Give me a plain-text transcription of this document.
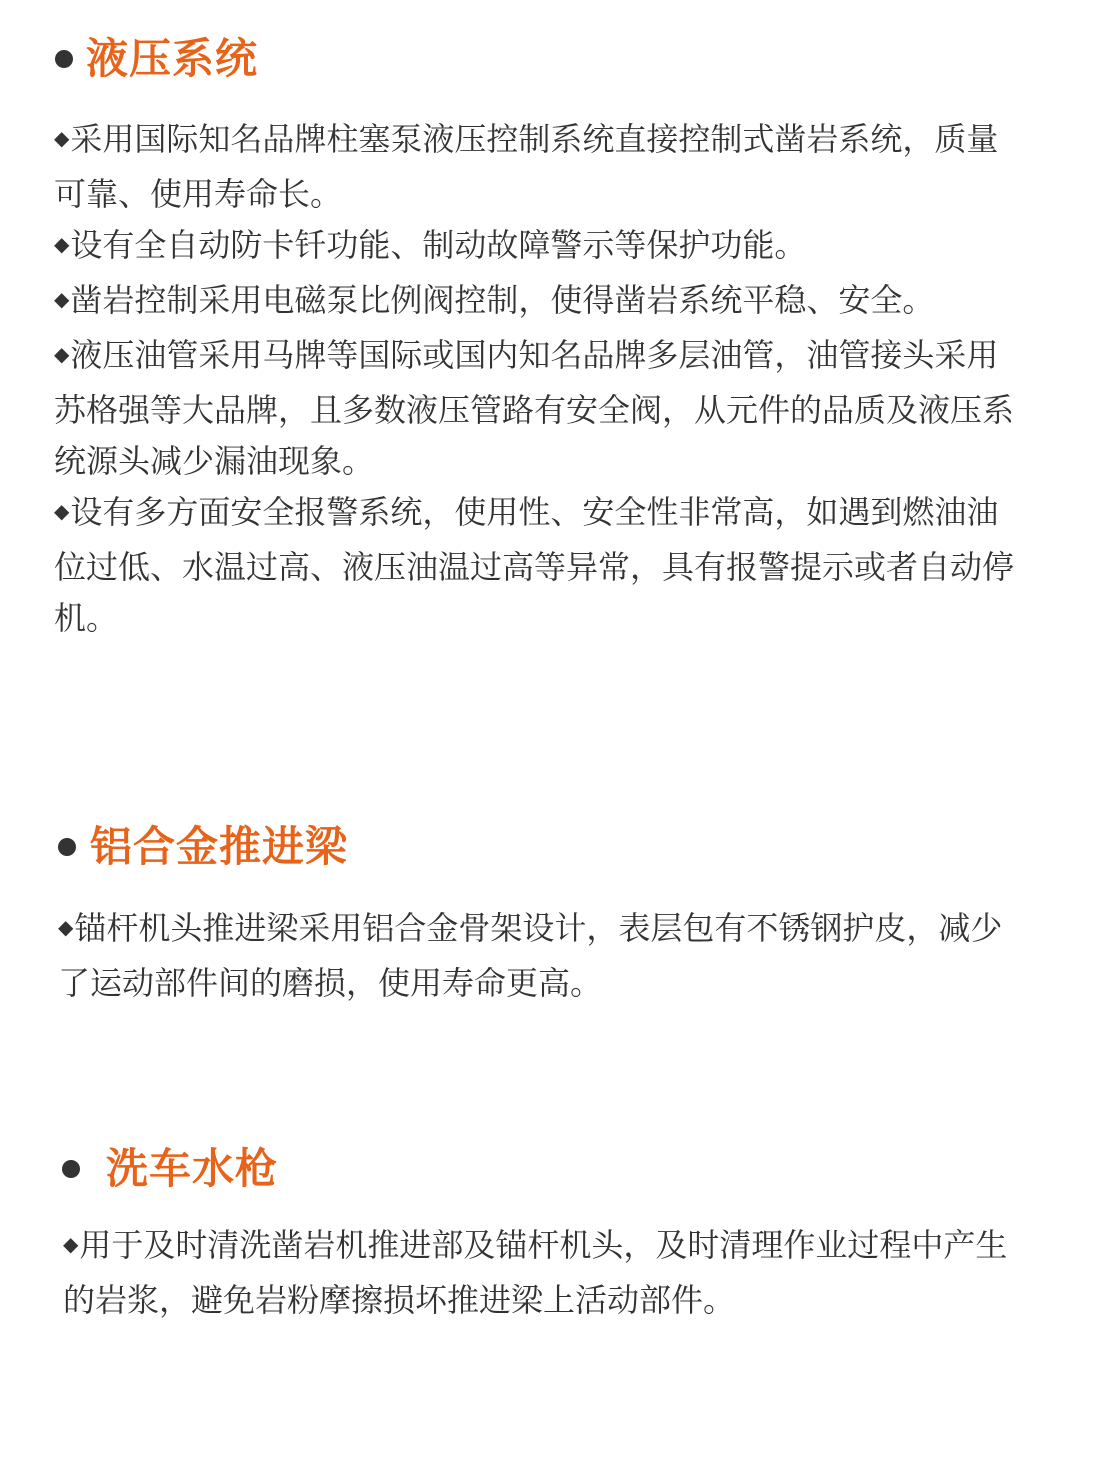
液压系统

◆采用国际知名品牌柱塞泵液压控制系统直接控制式凿岩系统，质量可靠、使用寿命长。

◆设有全自动防卡钎功能、制动故障警示等保护功能。

◆凿岩控制采用电磁泵比例阀控制，使得凿岩系统平稳、安全。

◆液压油管采用马牌等国际或国内知名品牌多层油管，油管接头采用苏格强等大品牌，且多数液压管路有安全阀，从元件的品质及液压系统源头减少漏油现象。

◆设有多方面安全报警系统，使用性、安全性非常高，如遇到燃油油位过低、水温过高、液压油温过高等异常，具有报警提示或者自动停机。

铝合金推进梁

◆锚杆机头推进梁采用铝合金骨架设计，表层包有不锈钢护皮，减少了运动部件间的磨损，使用寿命更高。

洗车水枪

◆用于及时清洗凿岩机推进部及锚杆机头，及时清理作业过程中产生的岩浆，避免岩粉摩擦损坏推进梁上活动部件。
